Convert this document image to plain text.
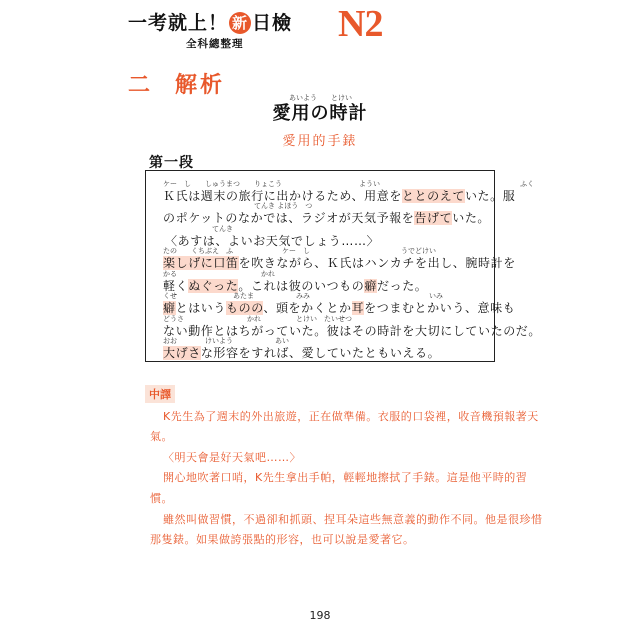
一考就上！ 新 日檢
全科總整理 N2
二 解析	あいよう　　とけい
愛用の時計
愛用的手錶
第一段
ケー　し　　しゅうまつ　　りょこう　　　　　　　　　　　ようい　　　　　　　　　　　　　　　　　　　　ふく
Ｋ氏は週末の旅行に出かけるため、用意をととのえていた。服
　　　　　　　　　　　　　てんき よほう　つ
のポケットのなかでは、ラジオが天気予報を告げていた。
　　　　　　　てんき
〈あすは、よいお天気でしょう……〉
たの　　くちぶえ　ふ　　　　　　　ケー　し　　　　　　　　　　　　　うでどけい
楽しげに口笛を吹きながら、Ｋ氏はハンカチを出し、腕時計を
かる　　　　　　　　　　　　かれ
軽くぬぐった。これは彼のいつもの癖だった。
くせ　　　　　　　　あたま　　　　　　みみ　　　　　　　　　　　　　　　　　いみ
癖とはいうものの、頭をかくとか耳をつまむとかいう、意味も
どうさ　　　　　　　　　かれ　　　　　とけい　たいせつ
ない動作とはちがっていた。彼はその時計を大切にしていたのだ。
おお　　　　けいよう　　　　　　あい
大げさな形容をすれば、愛していたともいえる。
中譯
K先生為了週末的外出旅遊，正在做準備。衣服的口袋裡，收音機預報著天
氣。
〈明天會是好天氣吧……〉
開心地吹著口哨，K先生拿出手帕，輕輕地擦拭了手錶。這是他平時的習
慣。
雖然叫做習慣，不過卻和抓頭、捏耳朵這些無意義的動作不同。他是很珍惜
那隻錶。如果做誇張點的形容，也可以說是愛著它。
198
